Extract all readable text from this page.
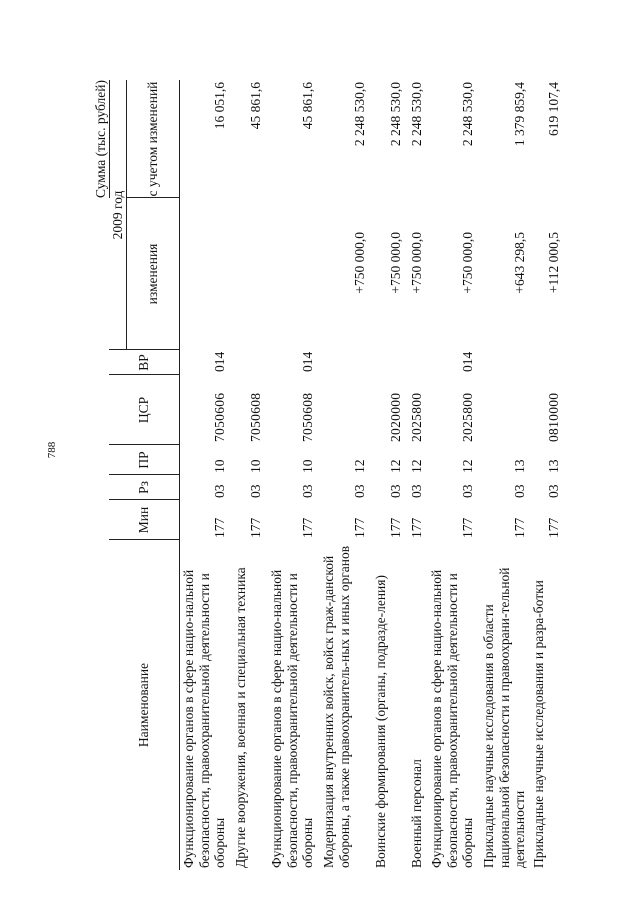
788
Сумма (тыс. рублей)
Наименование
Мин
Рз
ПР
ЦСР
ВР
2009 год
изменения
с учетом изменений
Функционирование органов в сфере нацио-нальной безопасности, правоохранительной деятельности и обороны
177
03
10
7050606
014
16 051,6
Другие вооружения, военная и специальная техника
177
03
10
7050608
45 861,6
Функционирование органов в сфере нацио-нальной безопасности, правоохранительной деятельности и обороны
177
03
10
7050608
014
45 861,6
Модернизация внутренних войск, войск граж-данской обороны, а также правоохранитель-ных и иных органов
177
03
12
+750 000,0
2 248 530,0
Воинские формирования (органы, подразде-ления)
177
03
12
2020000
+750 000,0
2 248 530,0
Военный персонал
177
03
12
2025800
+750 000,0
2 248 530,0
Функционирование органов в сфере нацио-нальной безопасности, правоохранительной деятельности и обороны
177
03
12
2025800
014
+750 000,0
2 248 530,0
Прикладные научные исследования в области национальной безопасности и правоохрани-тельной деятельности
177
03
13
+643 298,5
1 379 859,4
Прикладные научные исследования и разра-ботки
177
03
13
0810000
+112 000,5
619 107,4
